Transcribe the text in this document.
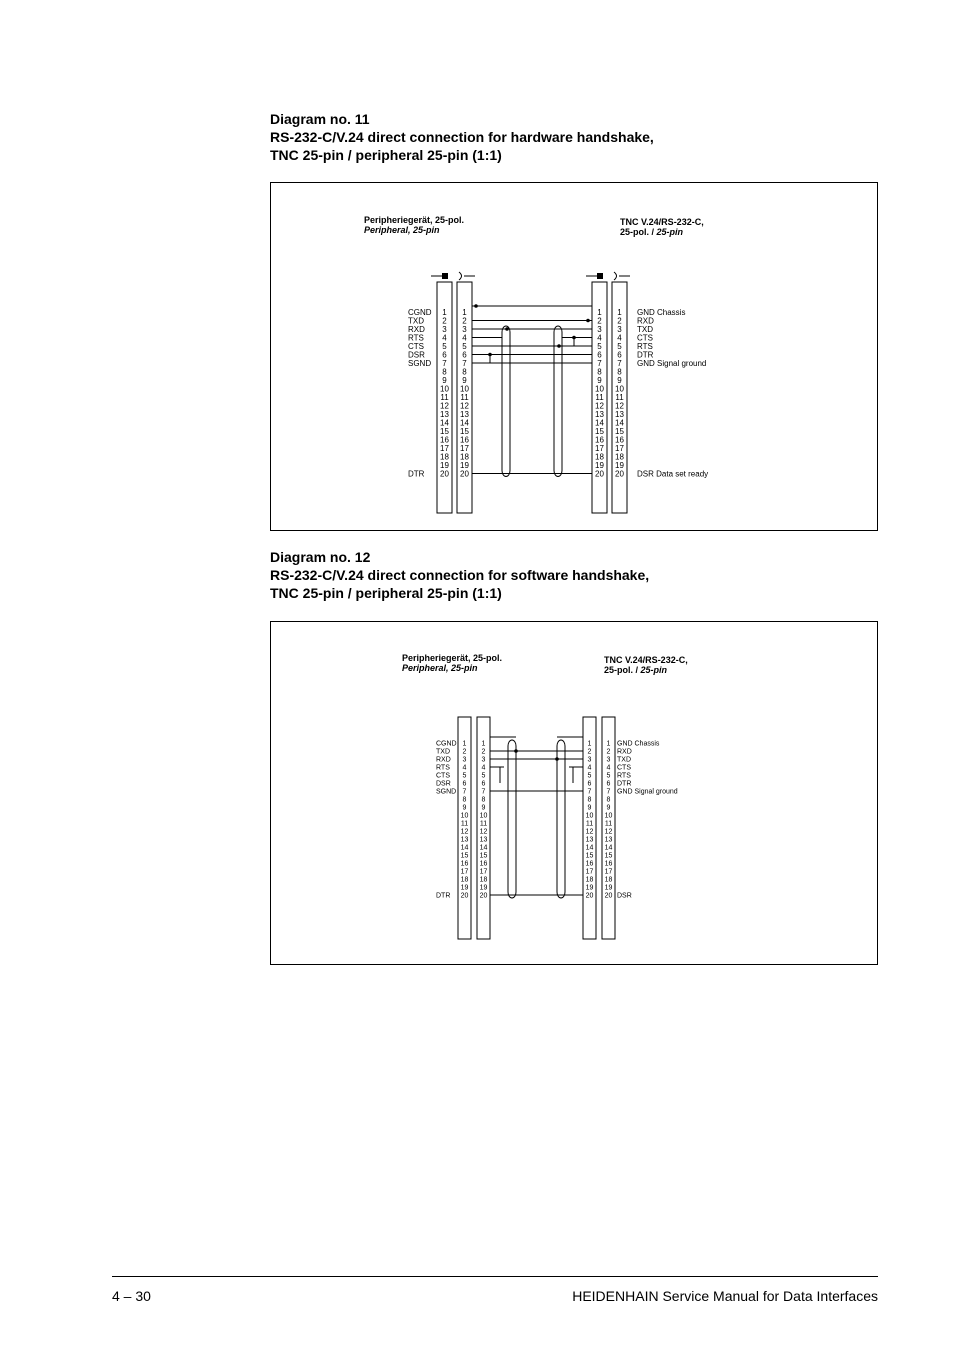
Diagram no. 11
RS-232-C/V.24 direct connection for hardware handshake,
TNC 25-pin / peripheral 25-pin (1:1)
Peripheriegerät, 25-pol.
Peripheral, 25-pin
TNC V.24/RS-232-C,
25-pol. / 25-pin
1
2
3
4
5
6
7
8
9
10
11
12
13
14
15
16
17
18
19
20
1
2
3
4
5
6
7
8
9
10
11
12
13
14
15
16
17
18
19
20
1
2
3
4
5
6
7
8
9
10
11
12
13
14
15
16
17
18
19
20
1
2
3
4
5
6
7
8
9
10
11
12
13
14
15
16
17
18
19
20
CGND
TXD
RXD
RTS
CTS
DSR
SGND
DTR
GND Chassis
RXD
TXD
CTS
RTS
DTR
GND Signal ground
DSR Data set ready
Diagram no. 12
RS-232-C/V.24 direct connection for software handshake,
TNC 25-pin / peripheral 25-pin (1:1)
Peripheriegerät, 25-pol.
Peripheral, 25-pin
TNC V.24/RS-232-C,
25-pol. / 25-pin
1
2
3
4
5
6
7
8
9
10
11
12
13
14
15
16
17
18
19
20
1
2
3
4
5
6
7
8
9
10
11
12
13
14
15
16
17
18
19
20
1
2
3
4
5
6
7
8
9
10
11
12
13
14
15
16
17
18
19
20
1
2
3
4
5
6
7
8
9
10
11
12
13
14
15
16
17
18
19
20
CGND
TXD
RXD
RTS
CTS
DSR
SGND
DTR
GND Chassis
RXD
TXD
CTS
RTS
DTR
GND Signal ground
DSR
4 – 30	HEIDENHAIN Service Manual for Data Interfaces
